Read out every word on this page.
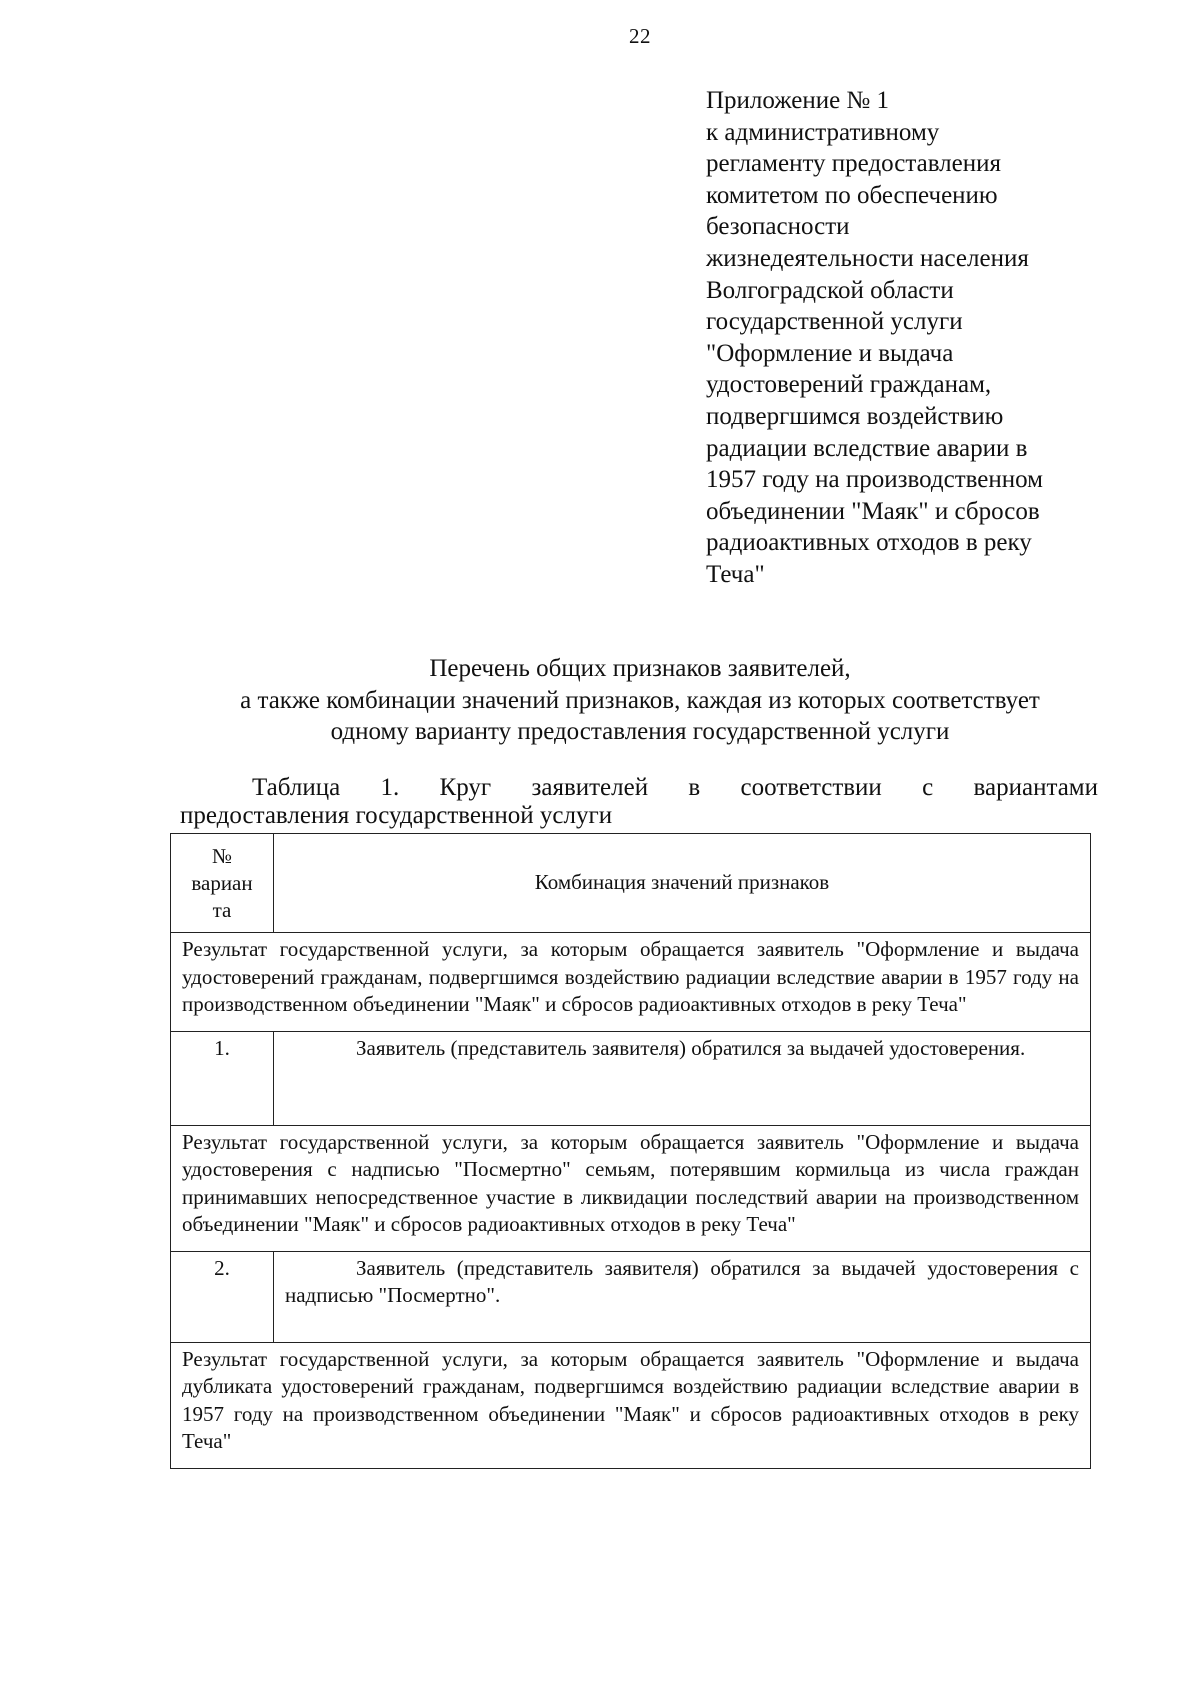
22
Приложение № 1
к административному
регламенту предоставления
комитетом по обеспечению
безопасности
жизнедеятельности населения
Волгоградской области
государственной услуги
"Оформление и выдача
удостоверений гражданам,
подвергшимся воздействию
радиации вследствие аварии в
1957 году на производственном
объединении "Маяк" и сбросов
радиоактивных отходов в реку
Теча"
Перечень общих признаков заявителей,
а также комбинации значений признаков, каждая из которых соответствует
одному варианту предоставления государственной услуги
Таблица 1. Круг заявителей в соответствии с вариантами
предоставления государственной услуги
№
вариан
та	Комбинация значений признаков
Результат государственной услуги, за которым обращается заявитель "Оформление и выдача удостоверений гражданам, подвергшимся воздействию радиации вследствие аварии в 1957 году на производственном объединении "Маяк" и сбросов радиоактивных отходов в реку Теча"	
1.	Заявитель (представитель заявителя) обратился за выдачей удостоверения.
Результат государственной услуги, за которым обращается заявитель "Оформление и выдача удостоверения с надписью "Посмертно" семьям, потерявшим кормильца из числа граждан принимавших непосредственное участие в ликвидации последствий аварии на производственном объединении "Маяк" и сбросов радиоактивных отходов в реку Теча"	
2.	Заявитель (представитель заявителя) обратился за выдачей удостоверения с надписью "Посмертно".
Результат государственной услуги, за которым обращается заявитель "Оформление и выдача дубликата удостоверений гражданам, подвергшимся воздействию радиации вследствие аварии в 1957 году на производственном объединении "Маяк" и сбросов радиоактивных отходов в реку Теча"	
